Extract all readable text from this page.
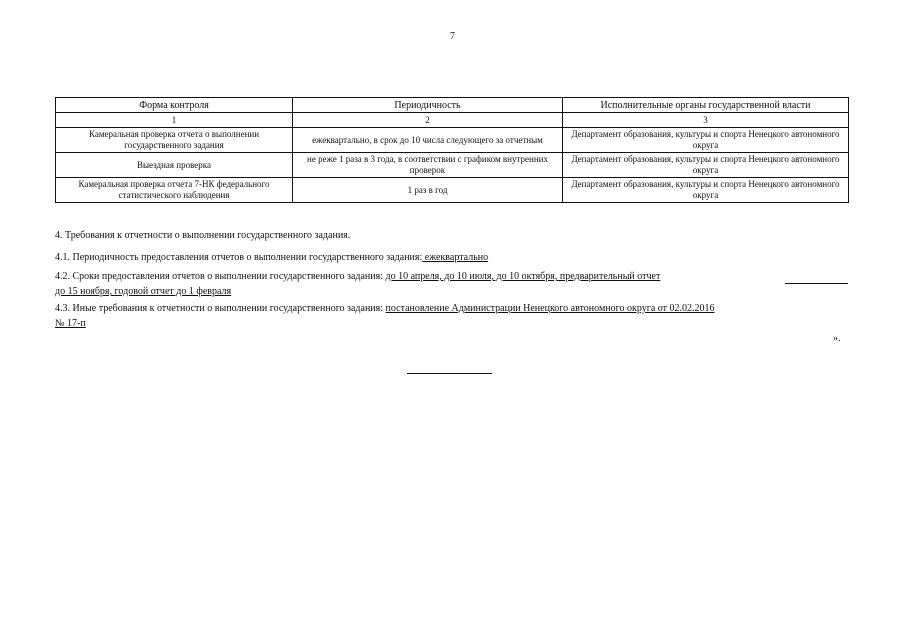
7
Форма контроля	Периодичность	Исполнительные органы государственной власти
1	2	3
Камеральная проверка отчета о выполнении государственного задания	ежеквартально, в срок до 10 числа следующего за отчетным	Департамент образования, культуры и спорта Ненецкого автономного округа
Выездная проверка	не реже 1 раза в 3 года, в соответствии с графиком внутренних проверок	Департамент образования, культуры и спорта Ненецкого автономного округа
Камеральная проверка отчета 7-НК федерального статистического наблюдения	1 раз в год	Департамент образования, культуры и спорта Ненецкого автономного округа
4. Требования к отчетности о выполнении государственного задания.
4.1. Периодичность предоставления отчетов о выполнении государственного задания: ежеквартально
4.2. Сроки предоставления отчетов о выполнении государственного задания: до 10 апреля, до 10 июля, до 10 октября, предварительный отчет
до 15 ноября, годовой отчет до 1 февраля
4.3. Иные требования к отчетности о выполнении государственного задания: постановление Администрации Ненецкого автономного округа от 02.02.2016
№ 17-п
».
